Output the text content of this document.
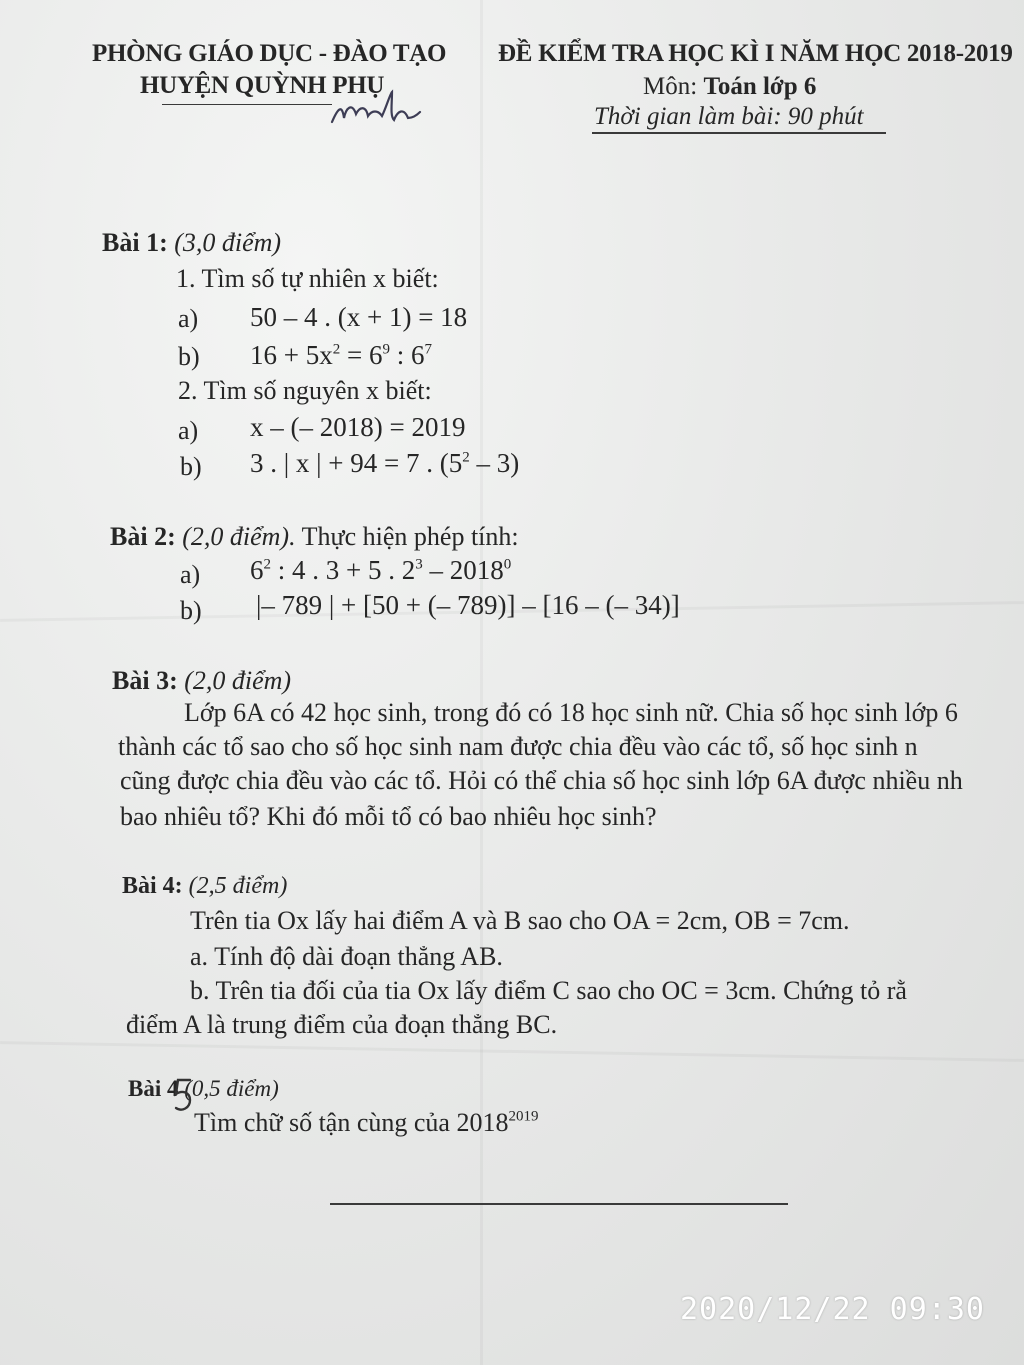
PHÒNG GIÁO DỤC - ĐÀO TẠO
HUYỆN QUỲNH PHỤ
ĐỀ KIỂM TRA HỌC KÌ I NĂM HỌC 2018-2019
Môn: Toán lớp 6
Thời gian làm bài: 90 phút
Bài 1: (3,0 điểm)
1. Tìm số tự nhiên x biết:
a) 50 – 4 . (x + 1) = 18
b) $16 + 5x^2 = 6^9$ : $6^7$
2. Tìm số nguyên x biết:
a) x – (– 2018) = 2019
b) 3 . | x | + 94 = 7 . $(5^2 - 3)$
Bài 2: (2,0 điểm). Thực hiện phép tính:
a) $6^2$ : 4 . 3 + 5 . $2^3 - 2018^0$
b) |– 789 | + [50 + (– 789)] – [16 – (– 34)]
Bài 3: (2,0 điểm)
Lớp 6A có 42 học sinh, trong đó có 18 học sinh nữ. Chia số học sinh lớp 6
thành các tổ sao cho số học sinh nam được chia đều vào các tổ, số học sinh n
cũng được chia đều vào các tổ. Hỏi có thể chia số học sinh lớp 6A được nhiều nh
bao nhiêu tổ? Khi đó mỗi tổ có bao nhiêu học sinh?
Bài 4: (2,5 điểm)
Trên tia Ox lấy hai điểm A và B sao cho OA = 2cm, OB = 7cm.
a. Tính độ dài đoạn thẳng AB.
b. Trên tia đối của tia Ox lấy điểm C sao cho OC = 3cm. Chứng tỏ rằ
điểm A là trung điểm của đoạn thẳng BC.
Bài 4 (0,5 điểm)
Tìm chữ số tận cùng của $2018^{2019}$
2020/12/22 09:30
